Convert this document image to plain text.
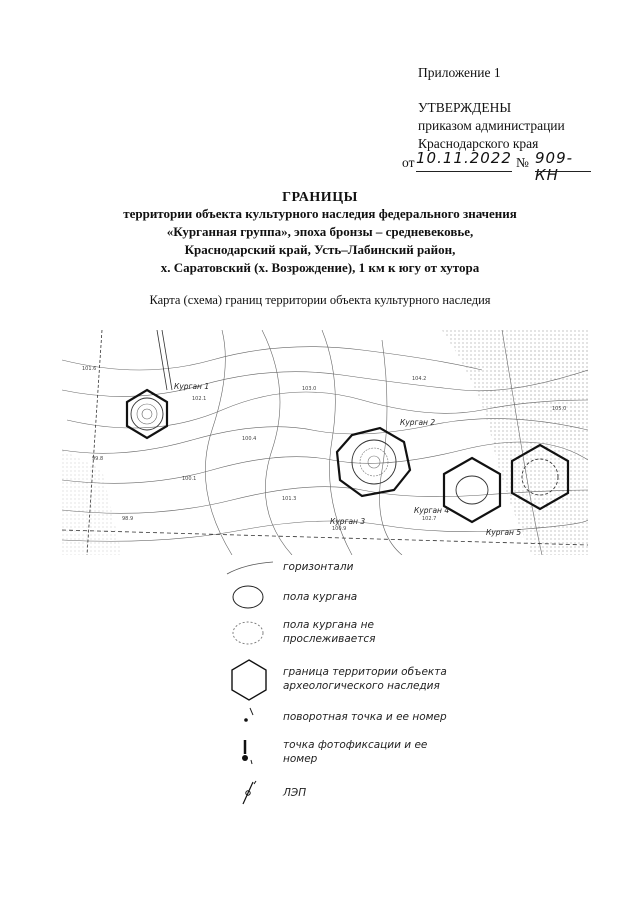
Приложение 1
УТВЕРЖДЕНЫ
приказом администрации
Краснодарского края
от 10.11.2022 № 909-КН
ГРАНИЦЫ
территории объекта культурного наследия федерального значения
«Курганная группа», эпоха бронзы – средневековье,
Краснодарский край, Усть–Лабинский район,
х. Саратовский (х. Возрождение), 1 км к югу от хутора
Карта (схема) границ территории объекта культурного наследия
101.6
102.1
100.4
103.0
104.2
99.8
100.1
101.3
102.7
105.0
98.9
100.9
Курган 1
Курган 2
Курган 3
Курган 4
Курган 5
горизонтали
пола кургана
пола кургана не
прослеживается
граница территории объекта
археологического наследия
поворотная точка и ее номер
точка фотофиксации и ее
номер
ЛЭП
